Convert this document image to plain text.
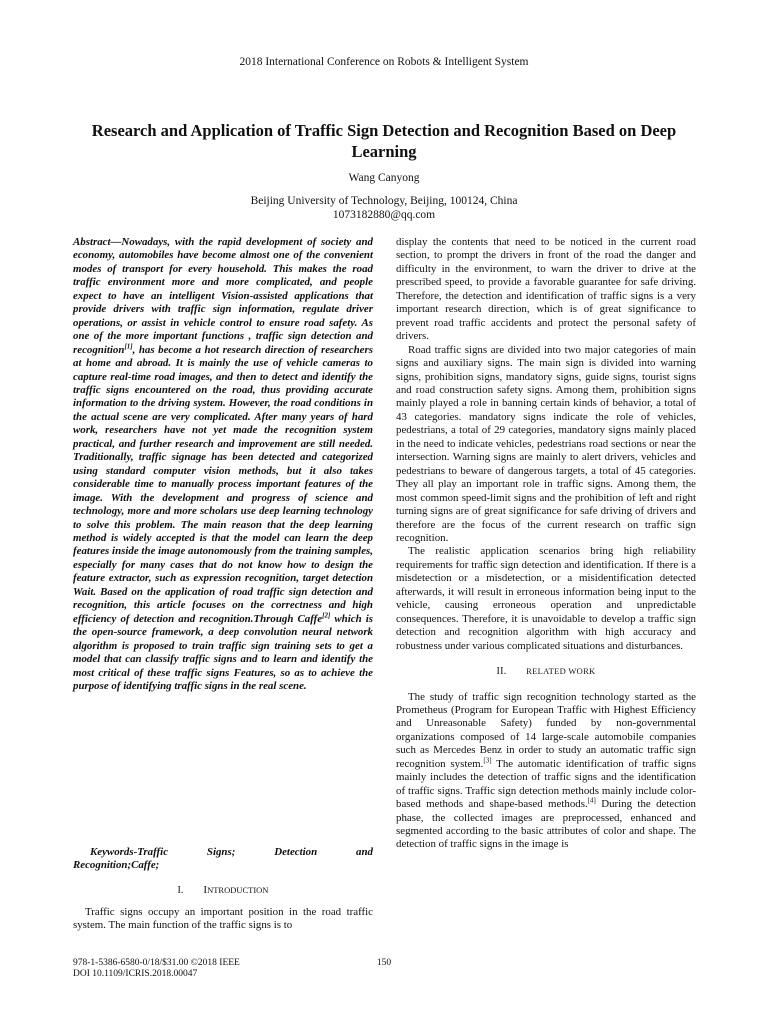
2018 International Conference on Robots & Intelligent System
Research and Application of Traffic Sign Detection and Recognition Based on Deep Learning
Wang Canyong
Beijing University of Technology, Beijing, 100124, China
1073182880@qq.com

Abstract—Nowadays, with the rapid development of society and economy, automobiles have become almost one of the convenient modes of transport for every household. This makes the road traffic environment more and more complicated, and people expect to have an intelligent Vision-assisted applications that provide drivers with traffic sign information, regulate driver operations, or assist in vehicle control to ensure road safety. As one of the more important functions , traffic sign detection and recognition[1], has become a hot research direction of researchers at home and abroad. It is mainly the use of vehicle cameras to capture real-time road images, and then to detect and identify the traffic signs encountered on the road, thus providing accurate information to the driving system. However, the road conditions in the actual scene are very complicated. After many years of hard work, researchers have not yet made the recognition system practical, and further research and improvement are still needed. Traditionally, traffic signage has been detected and categorized using standard computer vision methods, but it also takes considerable time to manually process important features of the image. With the development and progress of science and technology, more and more scholars use deep learning technology to solve this problem. The main reason that the deep learning method is widely accepted is that the model can learn the deep features inside the image autonomously from the training samples, especially for many cases that do not know how to design the feature extractor, such as expression recognition, target detection Wait. Based on the application of road traffic sign detection and recognition, this article focuses on the correctness and high efficiency of detection and recognition.Through Caffe[2] which is the open-source framework, a deep convolution neural network algorithm is proposed to train traffic sign training sets to get a model that can classify traffic signs and to learn and identify the most critical of these traffic signs Features, so as to achieve the purpose of identifying traffic signs in the real scene.

Keywords-Traffic	Signs;	Detection	and
Recognition;Caffe;
I. INTRODUCTION

Traffic signs occupy an important position in the road traffic system. The main function of the traffic signs is to

display the contents that need to be noticed in the current road section, to prompt the drivers in front of the road the danger and difficulty in the environment, to warn the driver to drive at the prescribed speed, to provide a favorable guarantee for safe driving. Therefore, the detection and identification of traffic signs is a very important research direction, which is of great significance to prevent road traffic accidents and protect the personal safety of drivers.

Road traffic signs are divided into two major categories of main signs and auxiliary signs. The main sign is divided into warning signs, prohibition signs, mandatory signs, guide signs, tourist signs and road construction safety signs. Among them, prohibition signs mainly played a role in banning certain kinds of behavior, a total of 43 categories. mandatory signs indicate the role of vehicles, pedestrians, a total of 29 categories, mandatory signs mainly placed in the need to indicate vehicles, pedestrians road sections or near the intersection. Warning signs are mainly to alert drivers, vehicles and pedestrians to beware of dangerous targets, a total of 45 categories. They all play an important role in traffic signs. Among them, the most common speed-limit signs and the prohibition of left and right turning signs are of great significance for safe driving of drivers and therefore are the focus of the current research on traffic sign recognition.

The realistic application scenarios bring high reliability requirements for traffic sign detection and identification. If there is a misdetection or a misdetection, or a misidentification detected afterwards, it will result in erroneous information being input to the vehicle, causing erroneous operation and unpredictable consequences. Therefore, it is unavoidable to develop a traffic sign detection and recognition algorithm with high accuracy and robustness under various complicated situations and disturbances.

II. RELATED WORK

The study of traffic sign recognition technology started as the Prometheus (Program for European Traffic with Highest Efficiency and Unreasonable Safety) funded by non-governmental organizations composed of 14 large-scale automobile companies such as Mercedes Benz in order to study an automatic traffic sign recognition system.[3] The automatic identification of traffic signs mainly includes the detection of traffic signs and the identification of traffic signs. Traffic sign detection methods mainly include color-based methods and shape-based methods.[4] During the detection phase, the collected images are preprocessed, enhanced and segmented according to the basic attributes of color and shape. The detection of traffic signs in the image is

978-1-5386-6580-0/18/$31.00 ©2018 IEEE
DOI 10.1109/ICRIS.2018.00047
150
